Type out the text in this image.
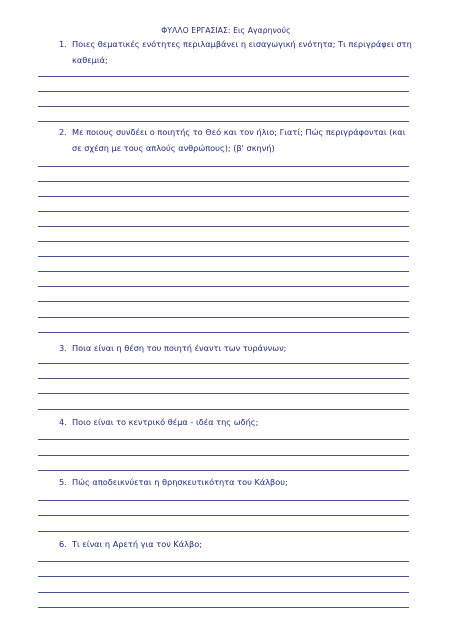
ΦΥΛΛΟ ΕΡΓΑΣΙΑΣ: Εις Αγαρηνούς
1. Ποιες θεματικές ενότητες περιλαμβάνει η εισαγωγική ενότητα; Τι περιγράφει στη
καθεμιά;
2. Με ποιους συνδέει ο ποιητής το Θεό και τον ήλιο; Γιατί; Πώς περιγράφονται (και
σε σχέση με τους απλούς ανθρώπους); (β' σκηνή)
3. Ποια είναι η θέση του ποιητή έναντι των τυράννων;
4. Ποιο είναι το κεντρικό θέμα - ιδέα της ωδής;
5. Πώς αποδεικνύεται η θρησκευτικότητα του Κάλβου;
6. Τι είναι η Αρετή για τον Κάλβο;
